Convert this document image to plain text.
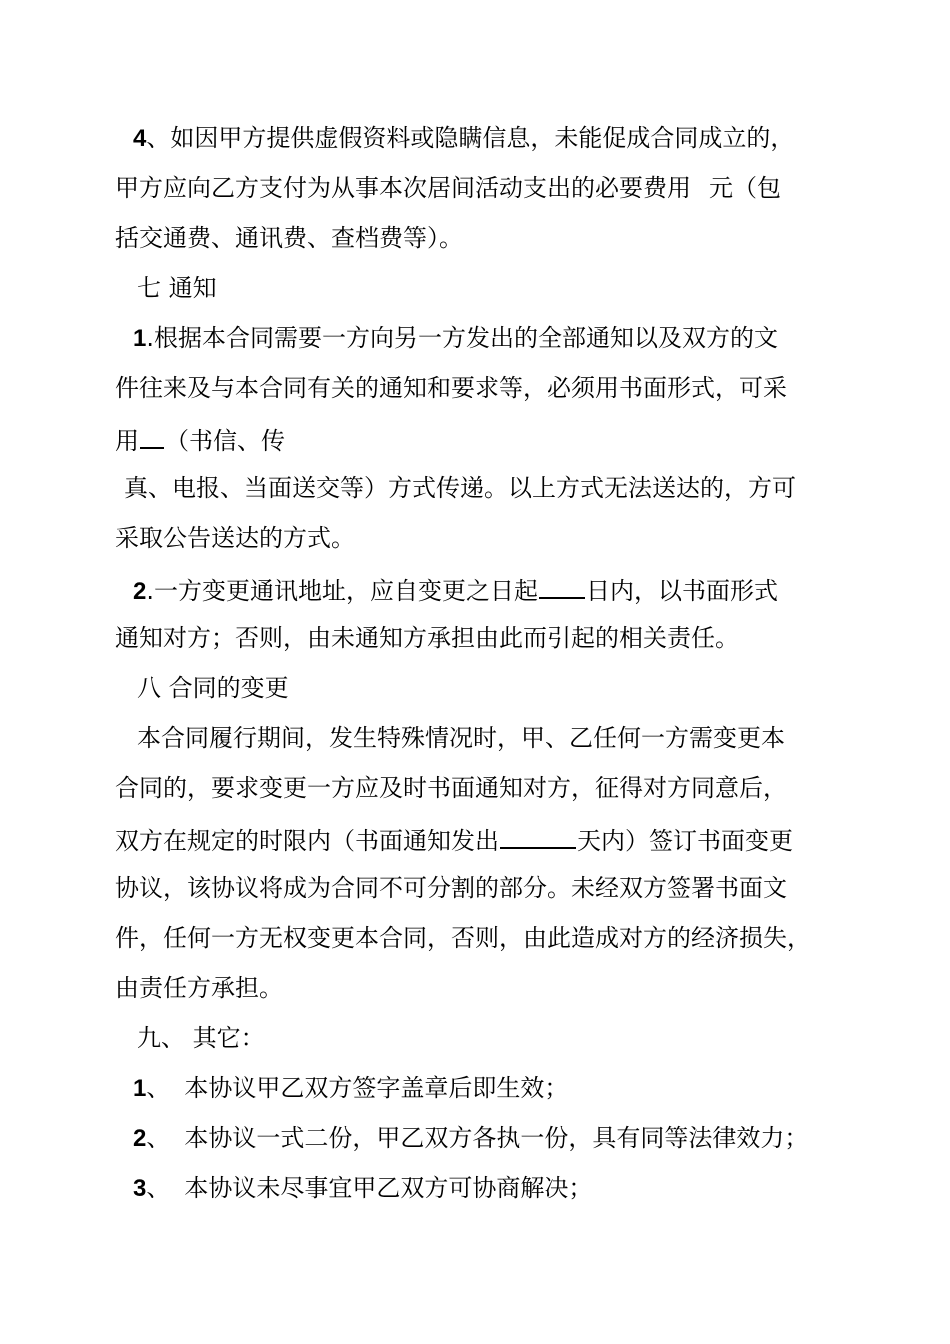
4、如因甲方提供虚假资料或隐瞒信息，未能促成合同成立的，
甲方应向乙方支付为从事本次居间活动支出的必要费用 元（包
括交通费、通讯费、查档费等）。
七 通知
1.根据本合同需要一方向另一方发出的全部通知以及双方的文
件往来及与本合同有关的通知和要求等，必须用书面形式，可采
用 （书信、传
真、电报、当面送交等）方式传递。以上方式无法送达的，方可
采取公告送达的方式。
2.一方变更通讯地址，应自变更之日起 日内，以书面形式
通知对方；否则，由未通知方承担由此而引起的相关责任。
八 合同的变更
本合同履行期间，发生特殊情况时，甲、乙任何一方需变更本
合同的，要求变更一方应及时书面通知对方，征得对方同意后，
双方在规定的时限内（书面通知发出	天内）签订书面变更
协议，该协议将成为合同不可分割的部分。未经双方签署书面文
件，任何一方无权变更本合同，否则，由此造成对方的经济损失，
由责任方承担。
九、 其它：
1、 本协议甲乙双方签字盖章后即生效；
2、 本协议一式二份，甲乙双方各执一份，具有同等法律效力；
3、 本协议未尽事宜甲乙双方可协商解决；
